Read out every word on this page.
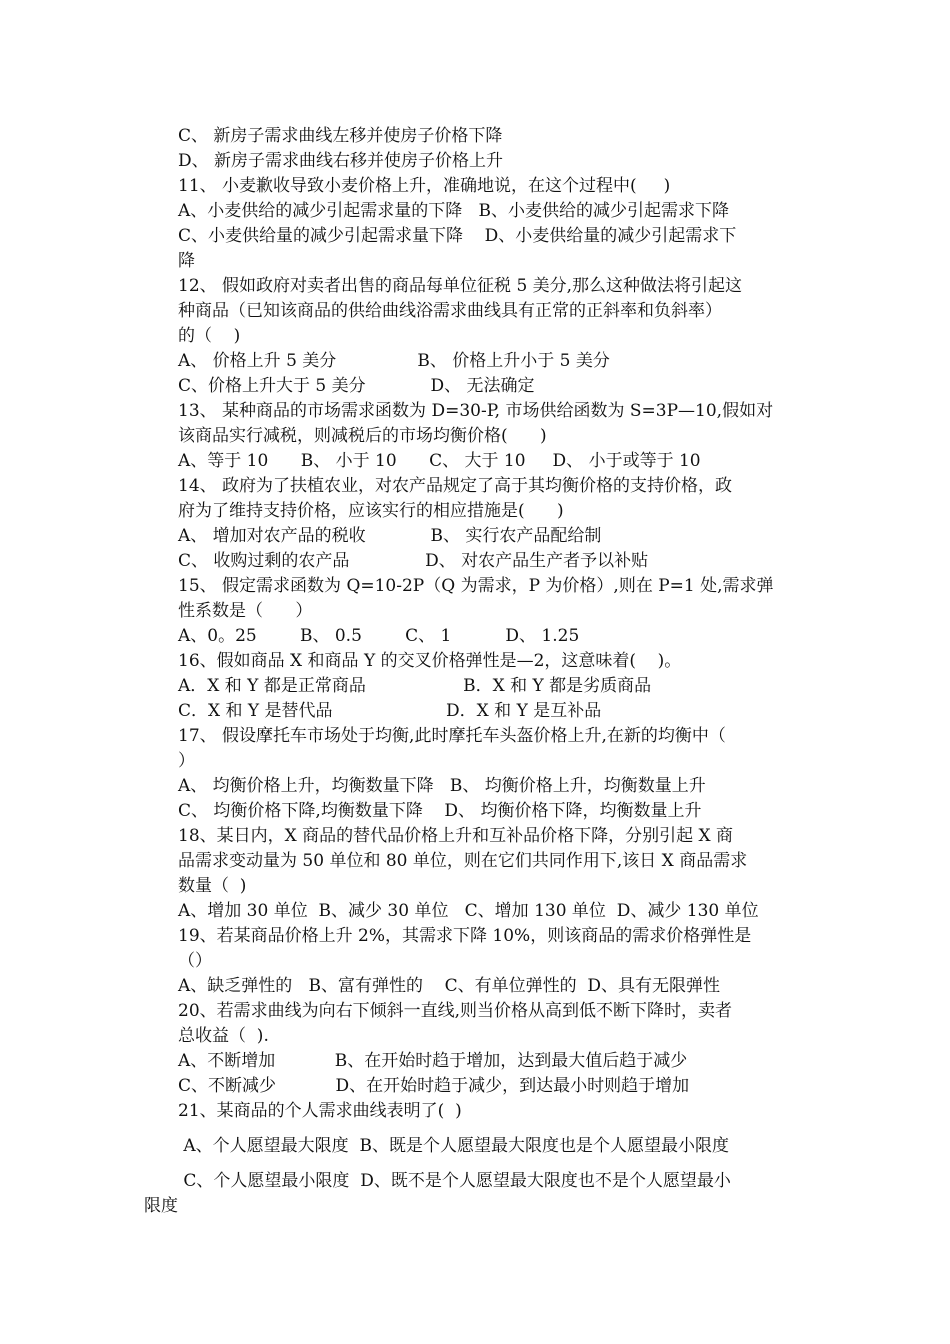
C、 新房子需求曲线左移并使房子价格下降
D、 新房子需求曲线右移并使房子价格上升
11、 小麦歉收导致小麦价格上升，准确地说，在这个过程中(     )
A、小麦供给的减少引起需求量的下降   B、小麦供给的减少引起需求下降
C、小麦供给量的减少引起需求量下降    D、小麦供给量的减少引起需求下
降
12、 假如政府对卖者出售的商品每单位征税 5 美分,那么这种做法将引起这
种商品（已知该商品的供给曲线浴需求曲线具有正常的正斜率和负斜率）
的（    )
A、 价格上升 5 美分               B、 价格上升小于 5 美分
C、价格上升大于 5 美分            D、 无法确定
13、 某种商品的市场需求函数为 D=30-P, 市场供给函数为 S=3P—10,假如对
该商品实行减税，则减税后的市场均衡价格(      )
A、等于 10      B、 小于 10      C、 大于 10     D、 小于或等于 10
14、 政府为了扶植农业，对农产品规定了高于其均衡价格的支持价格，政
府为了维持支持价格，应该实行的相应措施是(      )
A、 增加对农产品的税收            B、 实行农产品配给制
C、 收购过剩的农产品              D、 对农产品生产者予以补贴
15、 假定需求函数为 Q=10-2P（Q 为需求，P 为价格）,则在 P=1 处,需求弹
性系数是（      ）
A、0。25        B、 0.5        C、 1          D、 1.25
16、假如商品 X 和商品 Y 的交叉价格弹性是—2，这意味着(    )。
A．X 和 Y 都是正常商品                  B．X 和 Y 都是劣质商品
C．X 和 Y 是替代品                     D．X 和 Y 是互补品
17、 假设摩托车市场处于均衡,此时摩托车头盔价格上升,在新的均衡中（
）
A、 均衡价格上升，均衡数量下降   B、 均衡价格上升，均衡数量上升
C、 均衡价格下降,均衡数量下降    D、 均衡价格下降，均衡数量上升
18、某日内，X 商品的替代品价格上升和互补品价格下降，分别引起 X 商
品需求变动量为 50 单位和 80 单位，则在它们共同作用下,该日 X 商品需求
数量（  )
A、增加 30 单位  B、减少 30 单位   C、增加 130 单位  D、减少 130 单位
19、若某商品价格上升 2%，其需求下降 10%，则该商品的需求价格弹性是
（）
A、缺乏弹性的   B、富有弹性的    C、有单位弹性的  D、具有无限弹性
20、若需求曲线为向右下倾斜一直线,则当价格从高到低不断下降时，卖者
总收益（  ).
A、不断增加           B、在开始时趋于增加，达到最大值后趋于减少
C、不断减少           D、在开始时趋于减少，到达最小时则趋于增加
21、某商品的个人需求曲线表明了(  )
A、个人愿望最大限度  B、既是个人愿望最大限度也是个人愿望最小限度
C、个人愿望最小限度  D、既不是个人愿望最大限度也不是个人愿望最小
限度
